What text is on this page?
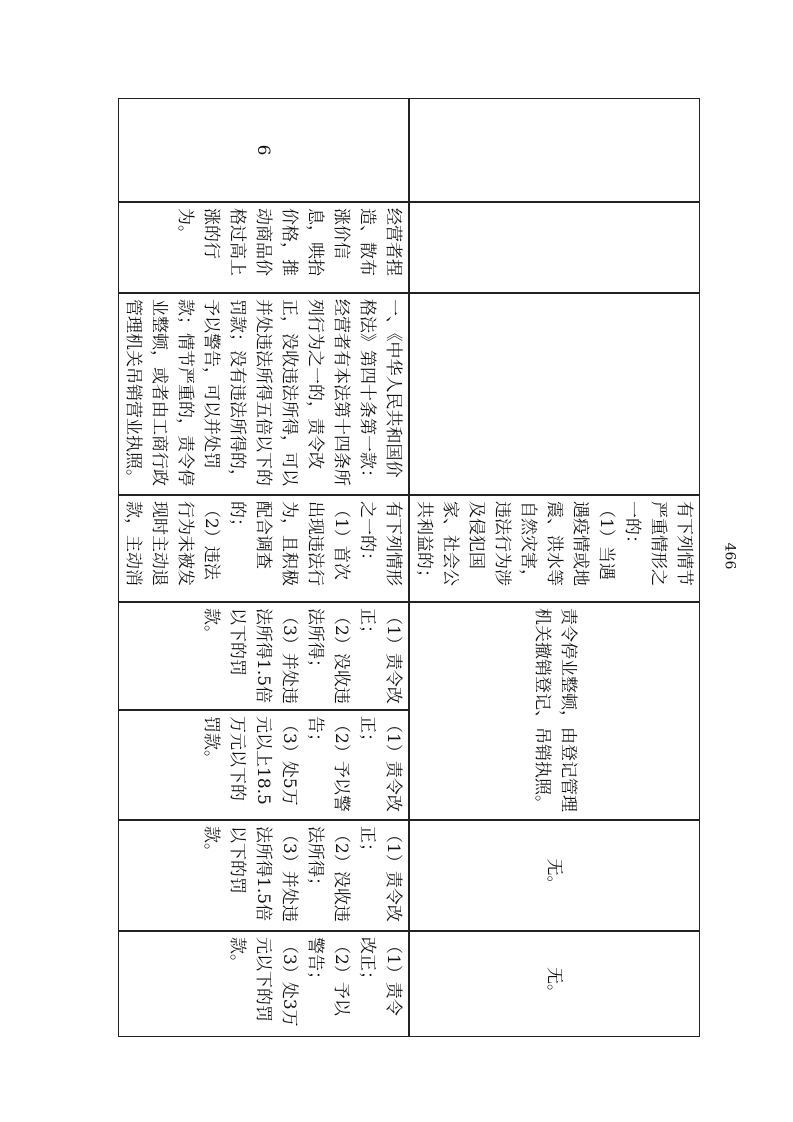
有下列情节严重情形之一的：
（1）当遇遇疫情或地震、洪水等自然灾害，违法行为涉及侵犯国家、社会公共利益的；

责令停业整顿，由登记管理机关撤销登记、吊销执照。
无。
无。
6
经营者捏造、散布涨价信息，哄抬价格，推动商品价格过高上涨的行为。
一、《中华人民共和国价格法》第四十条第一款：经营者有本法第十四条所列行为之一的，责令改正，没收违法所得，可以并处违法所得五倍以下的罚款；没有违法所得的，予以警告，可以并处罚款；情节严重的，责令停业整顿，或者由工商行政管理机关吊销营业执照。
有下列情形之一的：
（1）首次出现违法行为，且积极配合调查的；
（2）违法行为未被发现时主动退款，主动消

（1）责令改正；
（2）没收违法所得；
（3）并处违法所得1.5倍以下的罚款。
（1）责令改正；
（2）予以警告；
（3）处5万元以上18.5万元以下的罚款。
（1）责令改正；
（2）没收违法所得；
（3）并处违法所得1.5倍以下的罚款。
（1）责令改正；
（2）予以警告；
（3）处3万元以下的罚款。
466
